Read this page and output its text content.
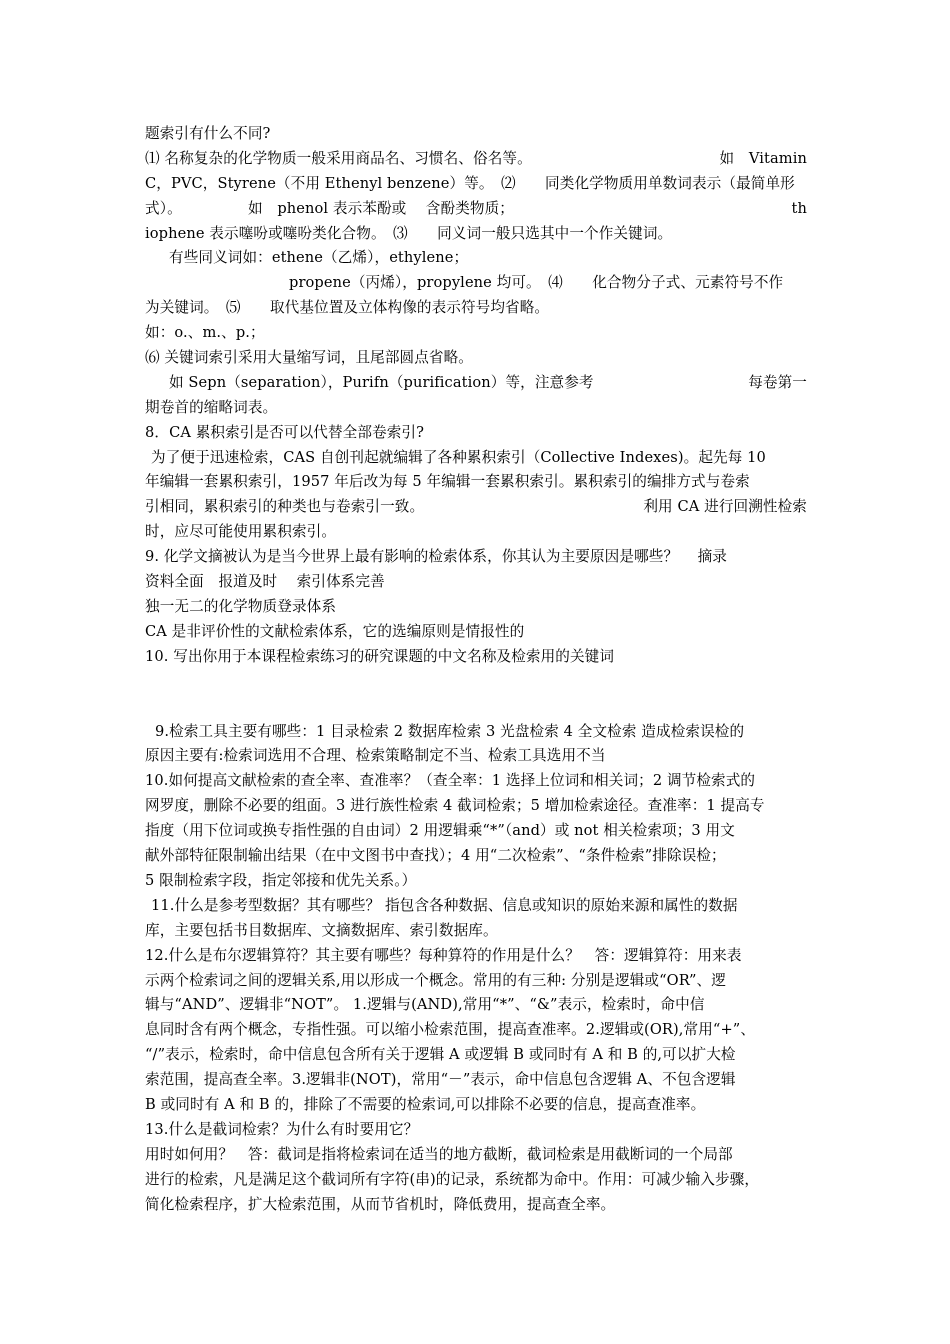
题索引有什么不同?
⑴ 名称复杂的化学物质一般采用商品名、习惯名、俗名等。	如　Vitamin
C，PVC，Styrene（不用 Ethenyl benzene）等。　⑵　　同类化学物质用单数词表示（最简单形
式）。　　　　　如　phenol 表示苯酚或　 含酚类物质；	th
iophene 表示噻吩或噻吩类化合物。　⑶　　同义词一般只选其中一个作关键词。
有些同义词如：ethene（乙烯），ethylene；
propene（丙烯），propylene 均可。　⑷　　化合物分子式、元素符号不作
为关键词。　⑸　　取代基位置及立体构像的表示符号均省略。
如：o.、m.、p.；
⑹ 关键词索引采用大量缩写词，且尾部圆点省略。
如 Sepn（separation），Purifn（purification）等，注意参考	每卷第一
期卷首的缩略词表。
8．CA 累积索引是否可以代替全部卷索引?
为了便于迅速检索，CAS 自创刊起就编辑了各种累积索引（Collective Indexes)。起先每 10
年编辑一套累积索引，1957 年后改为每 5 年编辑一套累积索引。累积索引的编排方式与卷索
引相同，累积索引的种类也与卷索引一致。	利用 CA 进行回溯性检索
时，应尽可能使用累积索引。
9. 化学文摘被认为是当今世界上最有影响的检索体系，你其认为主要原因是哪些？　 摘录
资料全面　报道及时　 索引体系完善
独一无二的化学物质登录体系
CA 是非评价性的文献检索体系，它的选编原则是情报性的
10. 写出你用于本课程检索练习的研究课题的中文名称及检索用的关键词
9.检索工具主要有哪些：1 目录检索 2 数据库检索 3 光盘检索 4 全文检索 造成检索误检的
原因主要有:检索词选用不合理、检索策略制定不当、检索工具选用不当
10.如何提高文献检索的查全率、查准率？（查全率：1 选择上位词和相关词；2 调节检索式的
网罗度，删除不必要的组面。3 进行族性检索 4 截词检索；5 增加检索途径。查准率：1 提高专
指度（用下位词或换专指性强的自由词）2 用逻辑乘“*”（and）或 not 相关检索项；3 用文
献外部特征限制输出结果（在中文图书中查找）；4 用“二次检索”、“条件检索”排除误检；
5 限制检索字段，指定邻接和优先关系。）
11.什么是参考型数据？其有哪些？ 指包含各种数据、信息或知识的原始来源和属性的数据
库，主要包括书目数据库、文摘数据库、索引数据库。
12.什么是布尔逻辑算符？其主要有哪些？每种算符的作用是什么？　答：逻辑算符：用来表
示两个检索词之间的逻辑关系,用以形成一个概念。常用的有三种: 分别是逻辑或“OR”、逻
辑与“AND”、逻辑非“NOT”。 1.逻辑与(AND),常用“*”、“&”表示，检索时，命中信
息同时含有两个概念，专指性强。可以缩小检索范围，提高查准率。2.逻辑或(OR),常用“+”、
“/”表示，检索时，命中信息包含所有关于逻辑 A 或逻辑 B 或同时有 A 和 B 的,可以扩大检
索范围，提高查全率。3.逻辑非(NOT)，常用“－”表示，命中信息包含逻辑 A、不包含逻辑
B 或同时有 A 和 B 的，排除了不需要的检索词,可以排除不必要的信息，提高查准率。
13.什么是截词检索？为什么有时要用它？
用时如何用？　答：截词是指将检索词在适当的地方截断，截词检索是用截断词的一个局部
进行的检索，凡是满足这个截词所有字符(串)的记录，系统都为命中。作用：可减少输入步骤，
简化检索程序，扩大检索范围，从而节省机时，降低费用，提高查全率。
